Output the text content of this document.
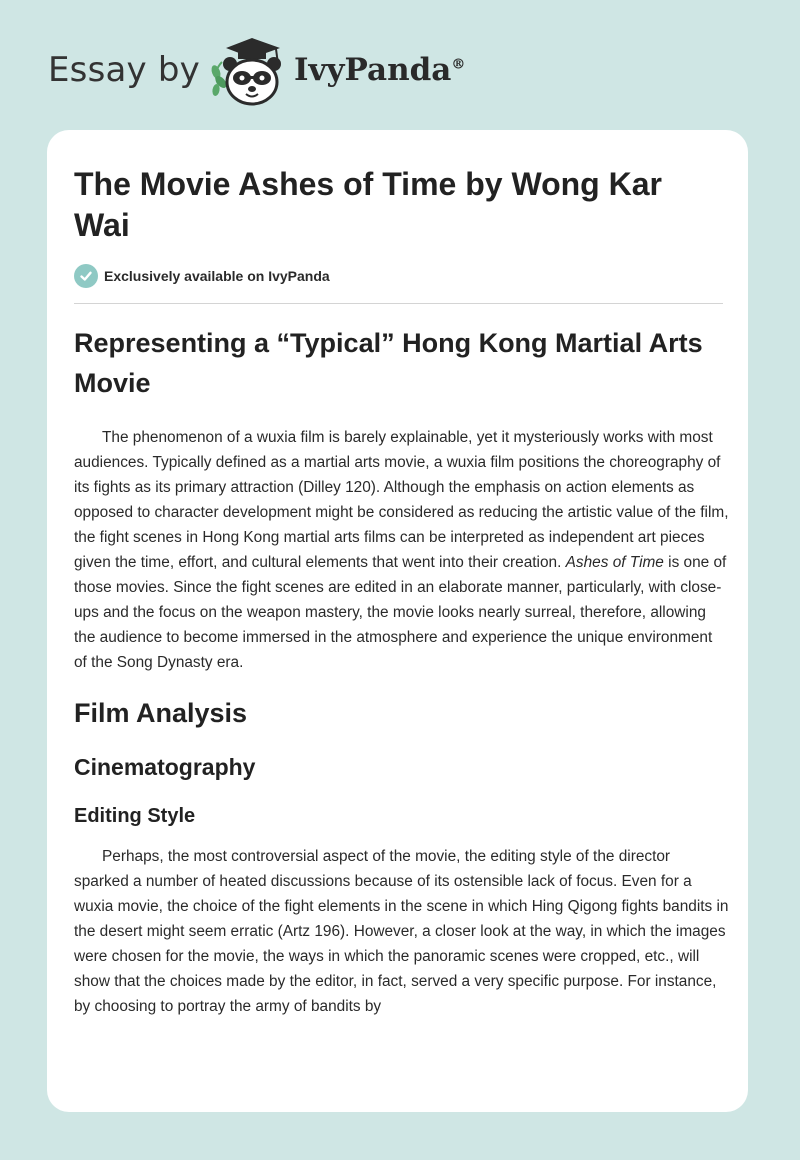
Essay by	IvyPanda®
The Movie Ashes of Time by Wong Kar Wai
Exclusively available on IvyPanda
Representing a “Typical” Hong Kong Martial Arts Movie

The phenomenon of a wuxia film is barely explainable, yet it mysteriously works with most audiences. Typically defined as a martial arts movie, a wuxia film positions the choreography of its fights as its primary attraction (Dilley 120). Although the emphasis on action elements as opposed to character development might be considered as reducing the artistic value of the film, the fight scenes in Hong Kong martial arts films can be interpreted as independent art pieces given the time, effort, and cultural elements that went into their creation. Ashes of Time is one of those movies. Since the fight scenes are edited in an elaborate manner, particularly, with close-ups and the focus on the weapon mastery, the movie looks nearly surreal, therefore, allowing the audience to become immersed in the atmosphere and experience the unique environment of the Song Dynasty era.

Film Analysis
Cinematography
Editing Style

Perhaps, the most controversial aspect of the movie, the editing style of the director sparked a number of heated discussions because of its ostensible lack of focus. Even for a wuxia movie, the choice of the fight elements in the scene in which Hing Qigong fights bandits in the desert might seem erratic (Artz 196). However, a closer look at the way, in which the images were chosen for the movie, the ways in which the panoramic scenes were cropped, etc., will show that the choices made by the editor, in fact, served a very specific purpose. For instance, by choosing to portray the army of bandits by
